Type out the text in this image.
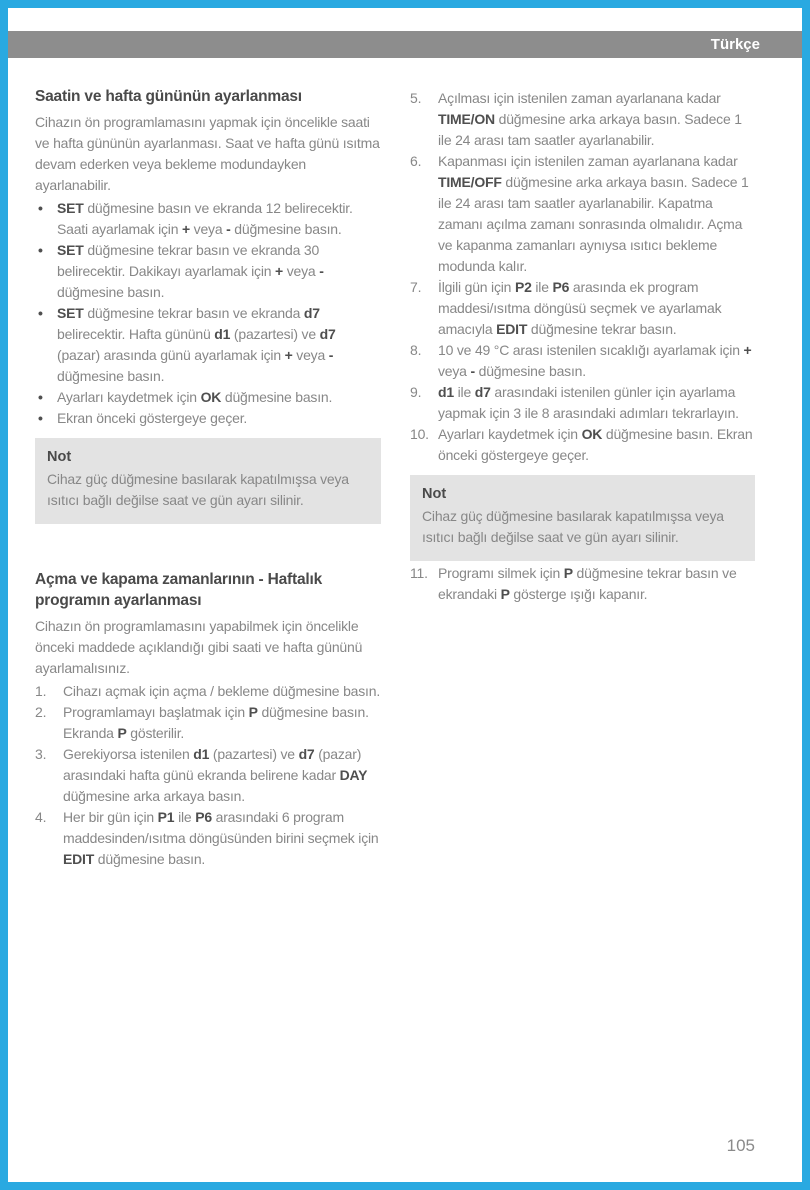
Türkçe
Saatin ve hafta gününün ayarlanması

Cihazın ön programlamasını yapmak için öncelikle saati ve hafta gününün ayarlanması. Saat ve hafta günü ısıtma devam ederken veya bekleme modundayken ayarlanabilir.

• SET düğmesine basın ve ekranda 12 belirecektir. Saati ayarlamak için + veya - düğmesine basın.
• SET düğmesine tekrar basın ve ekranda 30 belirecektir. Dakikayı ayarlamak için + veya - düğmesine basın.
• SET düğmesine tekrar basın ve ekranda d7 belirecektir. Hafta gününü d1 (pazartesi) ve d7 (pazar) arasında günü ayarlamak için + veya - düğmesine basın.
• Ayarları kaydetmek için OK düğmesine basın.
• Ekran önceki göstergeye geçer.
Not
Cihaz güç düğmesine basılarak kapatılmışsa veya ısıtıcı bağlı değilse saat ve gün ayarı silinir.
Açma ve kapama zamanlarının - Haftalık programın ayarlanması

Cihazın ön programlamasını yapabilmek için öncelikle önceki maddede açıklandığı gibi saati ve hafta gününü ayarlamalısınız.

1.	Cihazı açmak için açma / bekleme düğmesine basın.
2.	Programlamayı başlatmak için P düğmesine basın. Ekranda P gösterilir.
3.	Gerekiyorsa istenilen d1 (pazartesi) ve d7 (pazar) arasındaki hafta günü ekranda belirene kadar DAY düğmesine arka arkaya basın.
4.	Her bir gün için P1 ile P6 arasındaki 6 program maddesinden/ısıtma döngüsünden birini seçmek için EDIT düğmesine basın.
5.	Açılması için istenilen zaman ayarlanana kadar TIME/ON düğmesine arka arkaya basın. Sadece 1 ile 24 arası tam saatler ayarlanabilir.
6.	Kapanması için istenilen zaman ayarlanana kadar TIME/OFF düğmesine arka arkaya basın. Sadece 1 ile 24 arası tam saatler ayarlanabilir. Kapatma zamanı açılma zamanı sonrasında olmalıdır. Açma ve kapanma zamanları aynıysa ısıtıcı bekleme modunda kalır.
7.	İlgili gün için P2 ile P6 arasında ek program maddesi/ısıtma döngüsü seçmek ve ayarlamak amacıyla EDIT düğmesine tekrar basın.
8.	10 ve 49 °C arası istenilen sıcaklığı ayarlamak için + veya - düğmesine basın.
9.	d1 ile d7 arasındaki istenilen günler için ayarlama yapmak için 3 ile 8 arasındaki adımları tekrarlayın.
10. Ayarları kaydetmek için OK düğmesine basın. Ekran önceki göstergeye geçer.
Not
Cihaz güç düğmesine basılarak kapatılmışsa veya ısıtıcı bağlı değilse saat ve gün ayarı silinir.
11. Programı silmek için P düğmesine tekrar basın ve ekrandaki P gösterge ışığı kapanır.
105
